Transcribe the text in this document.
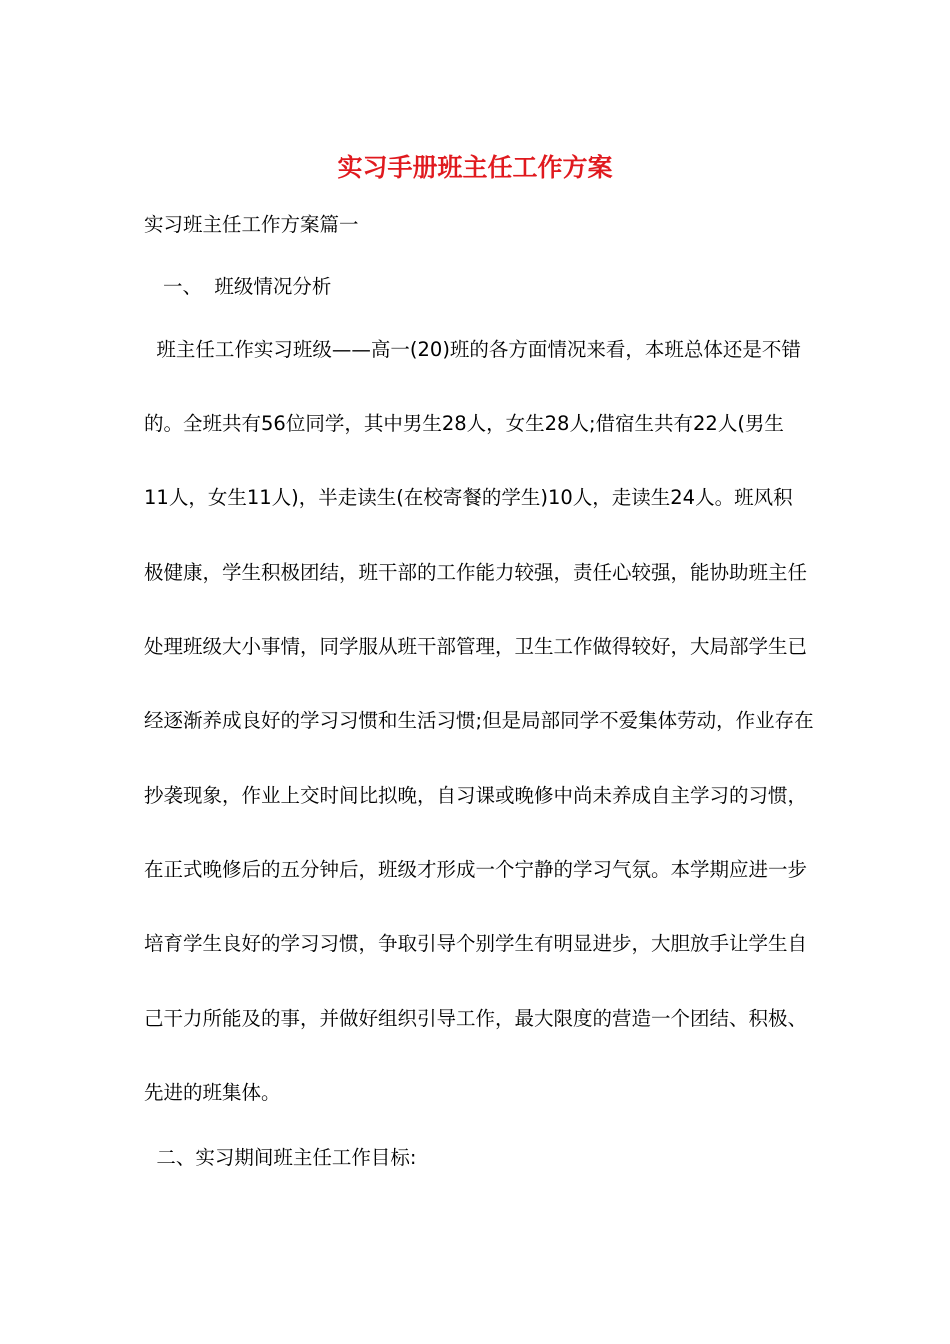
实习手册班主任工作方案

实习班主任工作方案篇一

一、  班级情况分析

班主任工作实习班级——高一(20)班的各方面情况来看，本班总体还是不错

的。全班共有56位同学，其中男生28人，女生28人;借宿生共有22人(男生

11人，女生11人)，半走读生(在校寄餐的学生)10人，走读生24人。班风积

极健康，学生积极团结，班干部的工作能力较强，责任心较强，能协助班主任

处理班级大小事情，同学服从班干部管理，卫生工作做得较好，大局部学生已

经逐渐养成良好的学习习惯和生活习惯;但是局部同学不爱集体劳动，作业存在

抄袭现象，作业上交时间比拟晚，自习课或晚修中尚未养成自主学习的习惯，

在正式晚修后的五分钟后，班级才形成一个宁静的学习气氛。本学期应进一步

培育学生良好的学习习惯，争取引导个别学生有明显进步，大胆放手让学生自

己干力所能及的事，并做好组织引导工作，最大限度的营造一个团结、积极、

先进的班集体。

二、实习期间班主任工作目标:
